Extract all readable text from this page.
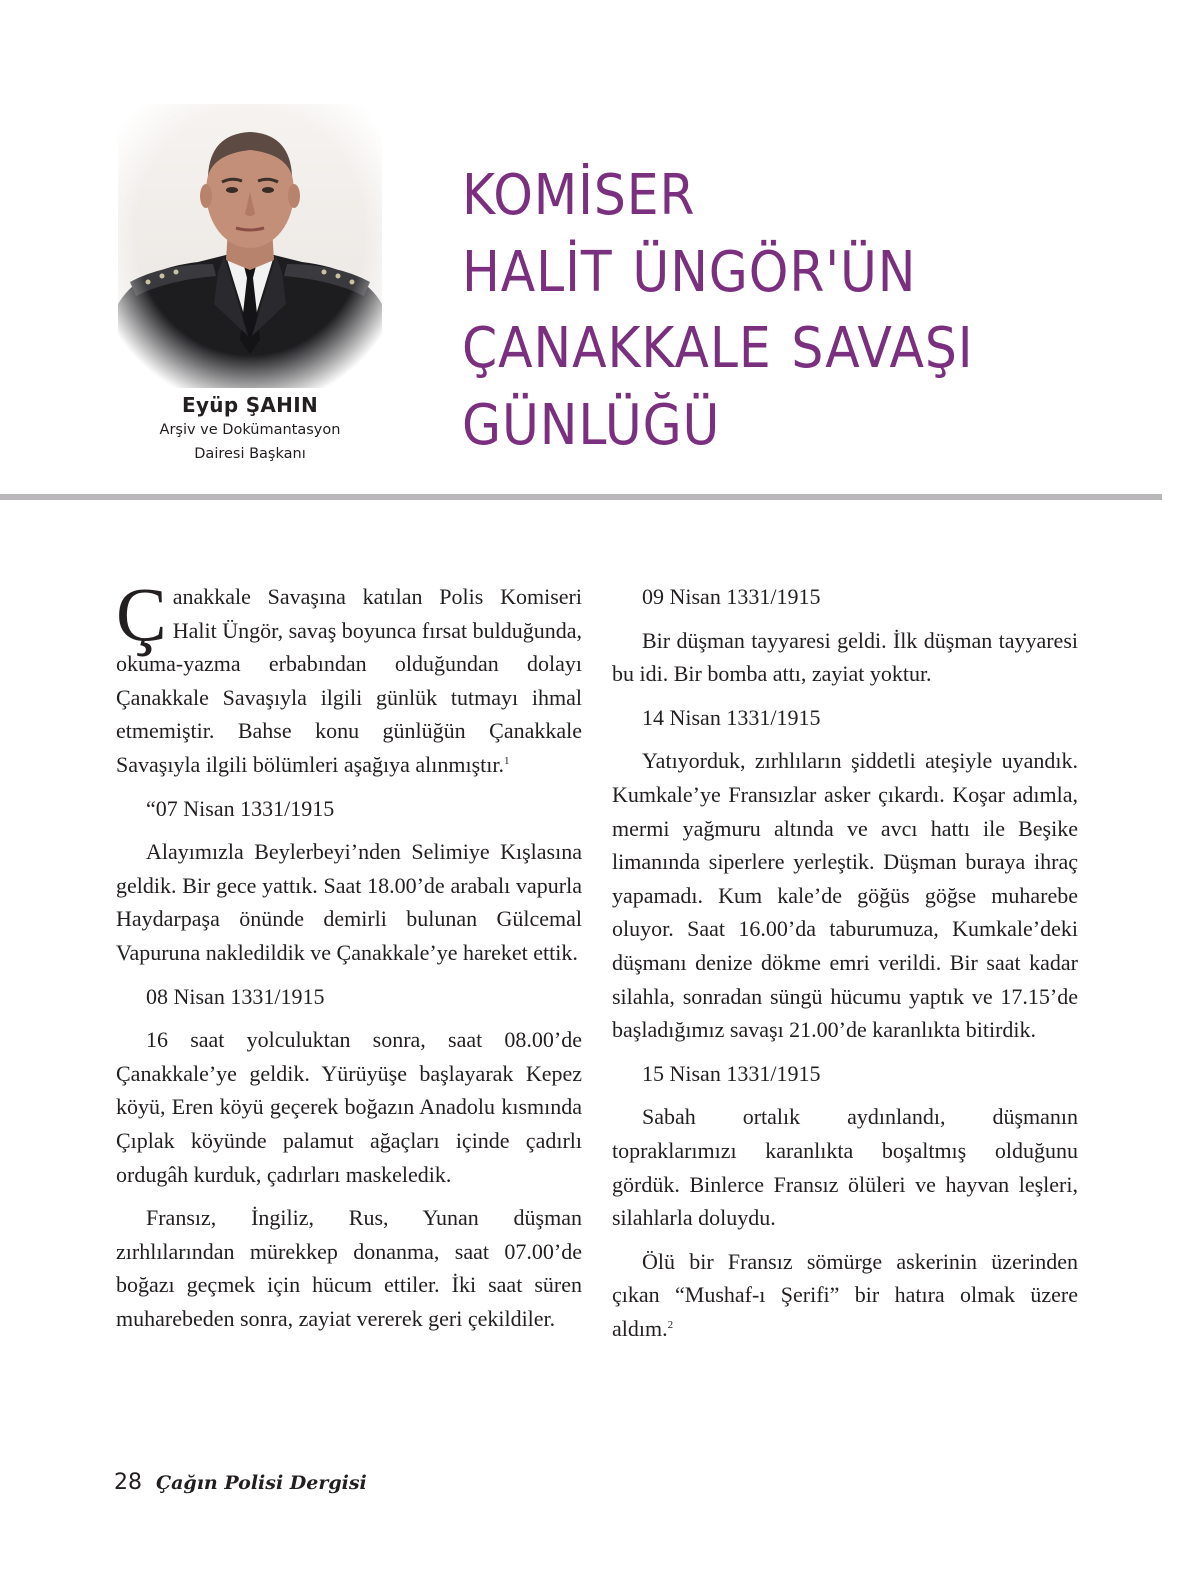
Eyüp ŞAHIN
Arşiv ve Dokümantasyon
Dairesi Başkanı
KOMİSER
HALİT ÜNGÖR'ÜN
ÇANAKKALE SAVAŞI
GÜNLÜĞÜ

Çanakkale Savaşına katılan Polis Komiseri Halit Üngör, savaş boyunca fırsat bulduğunda, okuma-yazma erbabından olduğundan dolayı Çanakkale Savaşıyla ilgili günlük tutmayı ihmal etmemiştir. Bahse konu günlüğün Çanakkale Savaşıyla ilgili bölümleri aşağıya alınmıştır.$^1$

“07 Nisan 1331/1915

Alayımızla Beylerbeyi’nden Selimiye Kışlasına geldik. Bir gece yattık. Saat 18.00’de arabalı vapurla Haydarpaşa önünde demirli bulunan Gülcemal Vapuruna nakledildik ve Çanakkale’ye hareket ettik.

08 Nisan 1331/1915

16 saat yolculuktan sonra, saat 08.00’de Çanakkale’ye geldik. Yürüyüşe başlayarak Kepez köyü, Eren köyü geçerek boğazın Anadolu kısmında Çıplak köyünde palamut ağaçları içinde çadırlı ordugâh kurduk, çadırları maskeledik.

Fransız, İngiliz, Rus, Yunan düşman zırhlılarından mürekkep donanma, saat 07.00’de boğazı geçmek için hücum ettiler. İki saat süren muharebeden sonra, zayiat vererek geri çekildiler.

09 Nisan 1331/1915

Bir düşman tayyaresi geldi. İlk düşman tayyaresi bu idi. Bir bomba attı, zayiat yoktur.

14 Nisan 1331/1915

Yatıyorduk, zırhlıların şiddetli ateşiyle uyandık. Kumkale’ye Fransızlar asker çıkardı. Koşar adımla, mermi yağmuru altında ve avcı hattı ile Beşike limanında siperlere yerleştik. Düşman buraya ihraç yapamadı. Kum kale’de göğüs göğse muharebe oluyor. Saat 16.00’da taburumuza, Kumkale’deki düşmanı denize dökme emri verildi. Bir saat kadar silahla, sonradan süngü hücumu yaptık ve 17.15’de başladığımız savaşı 21.00’de karanlıkta bitirdik.

15 Nisan 1331/1915

Sabah ortalık aydınlandı, düşmanın topraklarımızı karanlıkta boşaltmış olduğunu gördük. Binlerce Fransız ölüleri ve hayvan leşleri, silahlarla doluydu.

Ölü bir Fransız sömürge askerinin üzerinden çıkan “Mushaf-ı Şerifi” bir hatıra olmak üzere aldım.$^2$

28 Çağın Polisi Dergisi
